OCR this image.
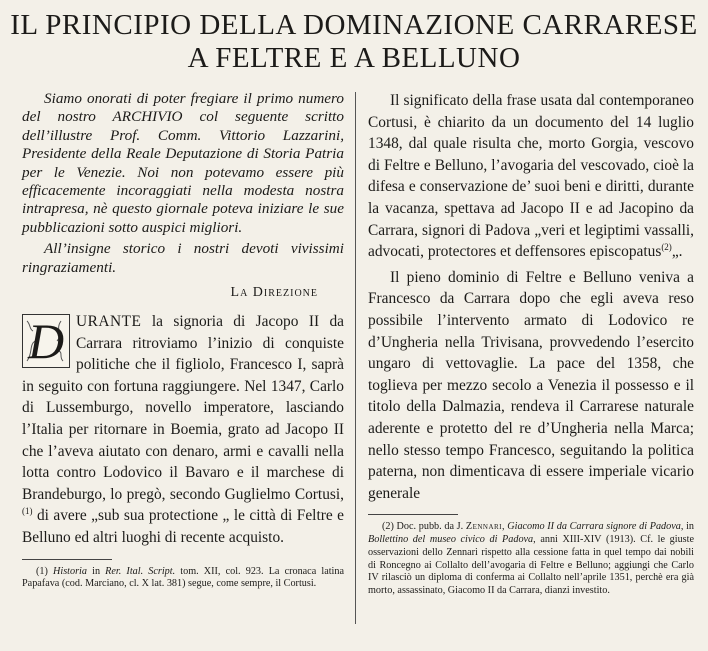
IL PRINCIPIO DELLA DOMINAZIONE CARRARESE
A FELTRE E A BELLUNO

Siamo onorati di poter fregiare il primo numero del nostro ARCHIVIO col seguente scritto dell’illustre Prof. Comm. Vittorio Lazzarini, Presidente della Reale Deputazione di Storia Patria per le Venezie. Noi non potevamo essere più efficacemente incoraggiati nella modesta nostra intrapresa, nè questo giornale poteva iniziare le sue pubblicazioni sotto auspici migliori.

All’insigne storico i nostri devoti vivissimi ringraziamenti.

La Direzione

D URANTE la signoria di Jacopo II da Carrara ritroviamo l’inizio di conquiste politiche che il figliolo, Francesco I, saprà in seguito con fortuna raggiungere. Nel 1347, Carlo di Lussemburgo, novello imperatore, lasciando l’Italia per ritornare in Boemia, grato ad Jacopo II che l’aveva aiutato con denaro, armi e cavalli nella lotta contro Lodovico il Bavaro e il marchese di Brandeburgo, lo pregò, secondo Guglielmo Cortusi,$^{(1)}$ di avere „sub sua protectione „ le città di Feltre e Belluno ed altri luoghi di recente acquisto.

(1) Historia in Rer. Ital. Script. tom. XII, col. 923. La cronaca latina Papafava (cod. Marciano, cl. X lat. 381) segue, come sempre, il Cortusi.

Il significato della frase usata dal contemporaneo Cortusi, è chiarito da un documento del 14 luglio 1348, dal quale risulta che, morto Gorgia, vescovo di Feltre e Belluno, l’avogaria del vescovado, cioè la difesa e conservazione de’ suoi beni e diritti, durante la vacanza, spettava ad Jacopo II e ad Jacopino da Carrara, signori di Padova „veri et legiptimi vassalli, advocati, protectores et deffensores episcopatus$^{(2)}$„.

Il pieno dominio di Feltre e Belluno veniva a Francesco da Carrara dopo che egli aveva reso possibile l’intervento armato di Lodovico re d’Ungheria nella Trivisana, provvedendo l’esercito ungaro di vettovaglie. La pace del 1358, che toglieva per mezzo secolo a Venezia il possesso e il titolo della Dalmazia, rendeva il Carrarese naturale aderente e protetto del re d’Ungheria nella Marca; nello stesso tempo Francesco, seguitando la politica paterna, non dimenticava di essere imperiale vicario generale

(2) Doc. pubb. da J. Zennari, Giacomo II da Carrara signore di Padova, in Bollettino del museo civico di Padova, anni XIII-XIV (1913). Cf. le giuste osservazioni dello Zennari rispetto alla cessione fatta in quel tempo dai nobili di Roncegno ai Collalto dell’avogaria di Feltre e Belluno; aggiungi che Carlo IV rilasciò un diploma di conferma ai Collalto nell’aprile 1351, perchè era già morto, assassinato, Giacomo II da Carrara, dianzi investito.
